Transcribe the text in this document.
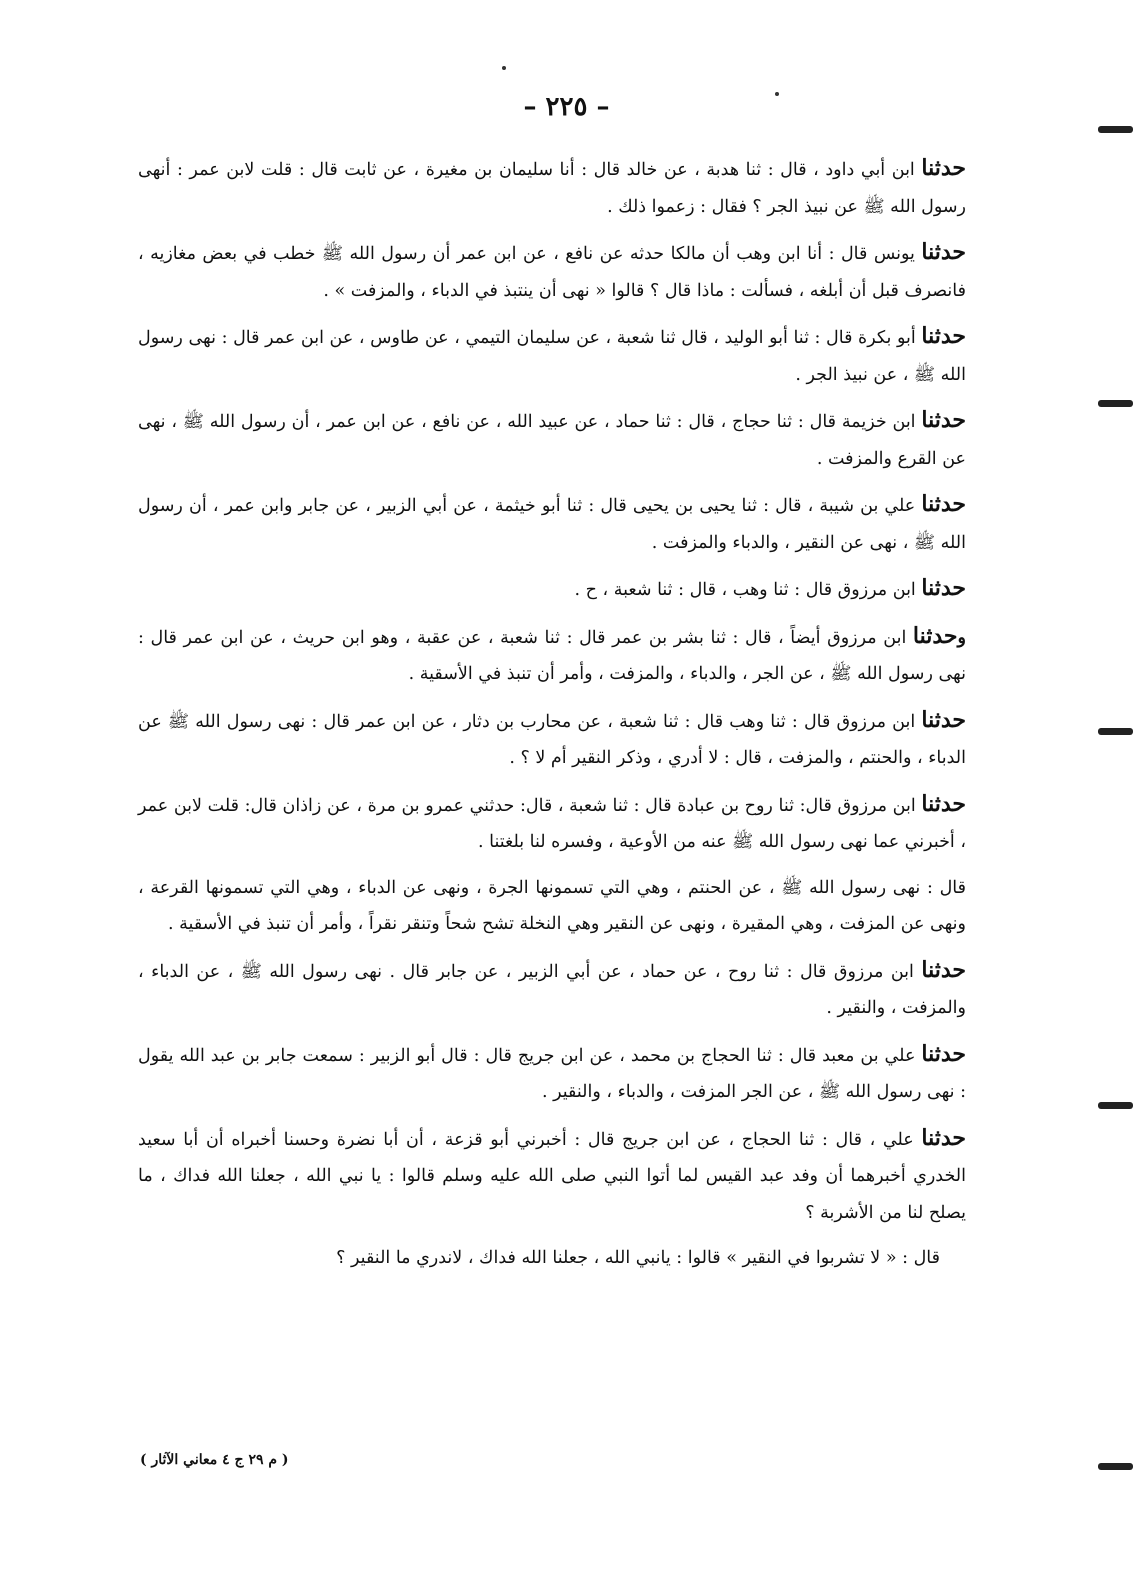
– ٢٢٥ –

حدثنا ابن أبي داود ، قال : ثنا هدبة ، عن خالد قال : أنا سليمان بن مغيرة ، عن ثابت قال : قلت لابن عمر : أنهى رسول الله ﷺ عن نبيذ الجر ؟ فقال : زعموا ذلك .

حدثنا يونس قال : أنا ابن وهب أن مالكا حدثه عن نافع ، عن ابن عمر أن رسول الله ﷺ خطب في بعض مغازيه ، فانصرف قبل أن أبلغه ، فسألت : ماذا قال ؟ قالوا « نهى أن ينتبذ في الدباء ، والمزفت » .

حدثنا أبو بكرة قال : ثنا أبو الوليد ، قال ثنا شعبة ، عن سليمان التيمي ، عن طاوس ، عن ابن عمر قال : نهى رسول الله ﷺ ، عن نبيذ الجر .

حدثنا ابن خزيمة قال : ثنا حجاج ، قال : ثنا حماد ، عن عبيد الله ، عن نافع ، عن ابن عمر ، أن رسول الله ﷺ ، نهى عن القرع والمزفت .

حدثنا علي بن شيبة ، قال : ثنا يحيى بن يحيى قال : ثنا أبو خيثمة ، عن أبي الزبير ، عن جابر وابن عمر ، أن رسول الله ﷺ ، نهى عن النقير ، والدباء والمزفت .

حدثنا ابن مرزوق قال : ثنا وهب ، قال : ثنا شعبة ، ح .

وحدثنا ابن مرزوق أيضاً ، قال : ثنا بشر بن عمر قال : ثنا شعبة ، عن عقبة ، وهو ابن حريث ، عن ابن عمر قال : نهى رسول الله ﷺ ، عن الجر ، والدباء ، والمزفت ، وأمر أن تنبذ في الأسقية .

حدثنا ابن مرزوق قال : ثنا وهب قال : ثنا شعبة ، عن محارب بن دثار ، عن ابن عمر قال : نهى رسول الله ﷺ عن الدباء ، والحنتم ، والمزفت ، قال : لا أدري ، وذكر النقير أم لا ؟ .

حدثنا ابن مرزوق قال: ثنا روح بن عبادة قال : ثنا شعبة ، قال: حدثني عمرو بن مرة ، عن زاذان قال: قلت لابن عمر ، أخبرني عما نهى رسول الله ﷺ عنه من الأوعية ، وفسره لنا بلغتنا .

قال : نهى رسول الله ﷺ ، عن الحنتم ، وهي التي تسمونها الجرة ، ونهى عن الدباء ، وهي التي تسمونها القرعة ، ونهى عن المزفت ، وهي المقيرة ، ونهى عن النقير وهي النخلة تشح شحاً وتنقر نقراً ، وأمر أن تنبذ في الأسقية .

حدثنا ابن مرزوق قال : ثنا روح ، عن حماد ، عن أبي الزبير ، عن جابر قال . نهى رسول الله ﷺ ، عن الدباء ، والمزفت ، والنقير .

حدثنا علي بن معبد قال : ثنا الحجاج بن محمد ، عن ابن جريج قال : قال أبو الزبير : سمعت جابر بن عبد الله يقول : نهى رسول الله ﷺ ، عن الجر المزفت ، والدباء ، والنقير .

حدثنا علي ، قال : ثنا الحجاج ، عن ابن جريج قال : أخبرني أبو قزعة ، أن أبا نضرة وحسنا أخبراه أن أبا سعيد الخدري أخبرهما أن وفد عبد القيس لما أتوا النبي صلى الله عليه وسلم قالوا : يا نبي الله ، جعلنا الله فداك ، ما يصلح لنا من الأشربة ؟

قال : « لا تشربوا في النقير » قالوا : يانبي الله ، جعلنا الله فداك ، لاندري ما النقير ؟

( م ٢٩ ج ٤ معاني الآثار )
